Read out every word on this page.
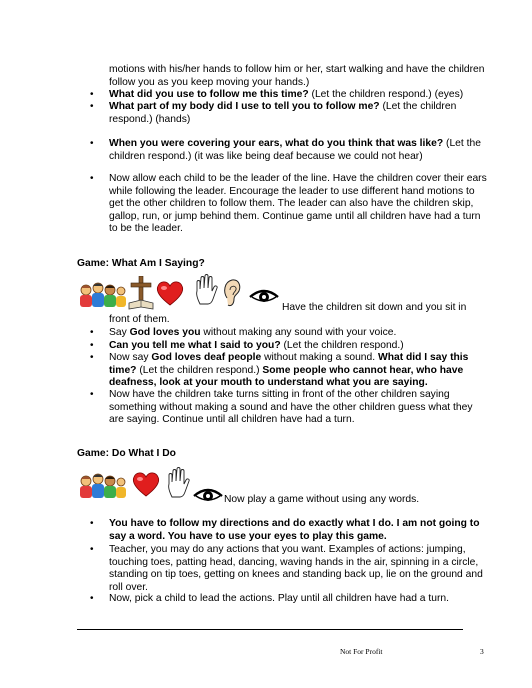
motions with his/her hands to follow him or her, start walking and have the children follow you as you keep moving your hands.)
• What did you use to follow me this time? (Let the children respond.) (eyes)
• What part of my body did I use to tell you to follow me? (Let the children respond.) (hands)
• When you were covering your ears, what do you think that was like? (Let the children respond.) (it was like being deaf because we could not hear)
• Now allow each child to be the leader of the line. Have the children cover their ears while following the leader. Encourage the leader to use different hand motions to get the other children to follow them. The leader can also have the children skip, gallop, run, or jump behind them. Continue game until all children have had a turn to be the leader.
Game: What Am I Saying?
Have the children sit down and you sit in
front of them.
• Say God loves you without making any sound with your voice.
• Can you tell me what I said to you? (Let the children respond.)
• Now say God loves deaf people without making a sound. What did I say this time? (Let the children respond.) Some people who cannot hear, who have deafness, look at your mouth to understand what you are saying.
• Now have the children take turns sitting in front of the other children saying something without making a sound and have the other children guess what they are saying. Continue until all children have had a turn.
Game: Do What I Do
Now play a game without using any words.
• You have to follow my directions and do exactly what I do. I am not going to say a word. You have to use your eyes to play this game.
• Teacher, you may do any actions that you want. Examples of actions: jumping, touching toes, patting head, dancing, waving hands in the air, spinning in a circle, standing on tip toes, getting on knees and standing back up, lie on the ground and roll over.
• Now, pick a child to lead the actions. Play until all children have had a turn.
Not For Profit	3
